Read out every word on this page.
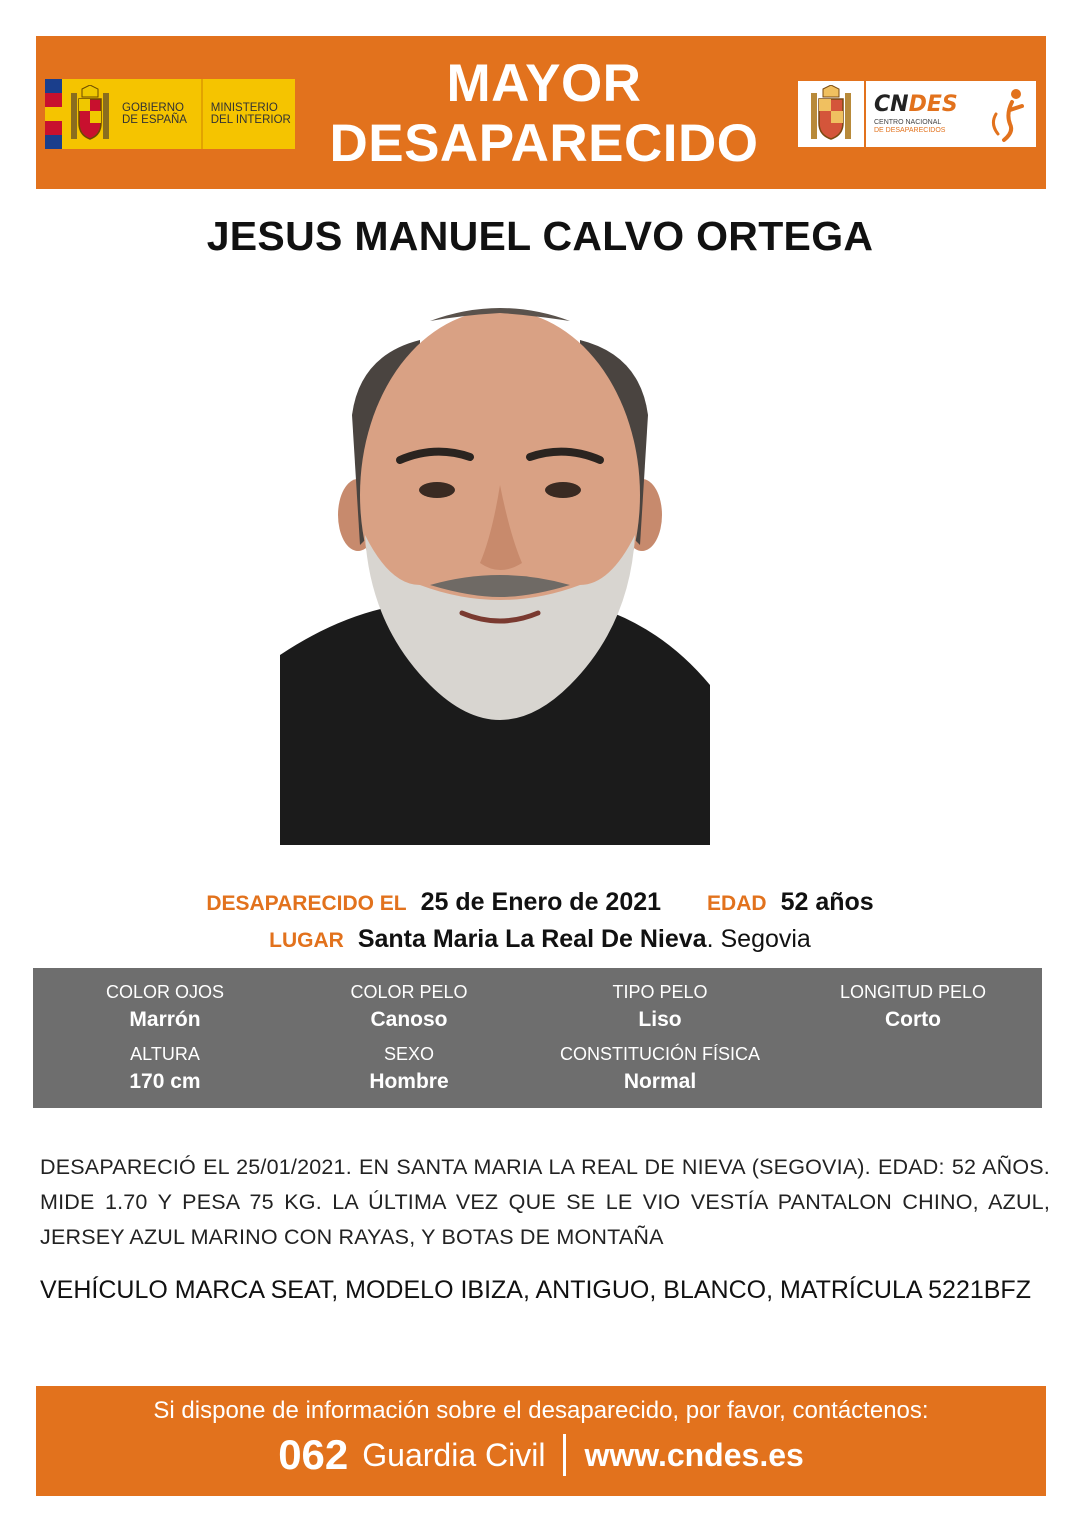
GOBIERNO
DE ESPAÑA
MINISTERIO
DEL INTERIOR
MAYOR
DESAPARECIDO
CNDES
CENTRO NACIONAL
DE DESAPARECIDOS
JESUS MANUEL CALVO ORTEGA
DESAPARECIDO EL 25 de Enero de 2021 EDAD 52 años
LUGAR Santa Maria La Real De Nieva . Segovia
COLOR OJOS
Marrón
COLOR PELO
Canoso
TIPO PELO
Liso
LONGITUD PELO
Corto
ALTURA
170 cm
SEXO
Hombre
CONSTITUCIÓN FÍSICA
Normal
DESAPARECIÓ EL 25/01/2021. EN SANTA MARIA LA REAL DE NIEVA (SEGOVIA). EDAD: 52 AÑOS. MIDE 1.70 Y PESA 75 KG. LA ÚLTIMA VEZ QUE SE LE VIO VESTÍA PANTALON CHINO, AZUL, JERSEY AZUL MARINO CON RAYAS, Y BOTAS DE MONTAÑA
VEHÍCULO MARCA SEAT, MODELO IBIZA, ANTIGUO, BLANCO, MATRÍCULA 5221BFZ
Si dispone de información sobre el desaparecido, por favor, contáctenos:
062 Guardia Civil www.cndes.es
